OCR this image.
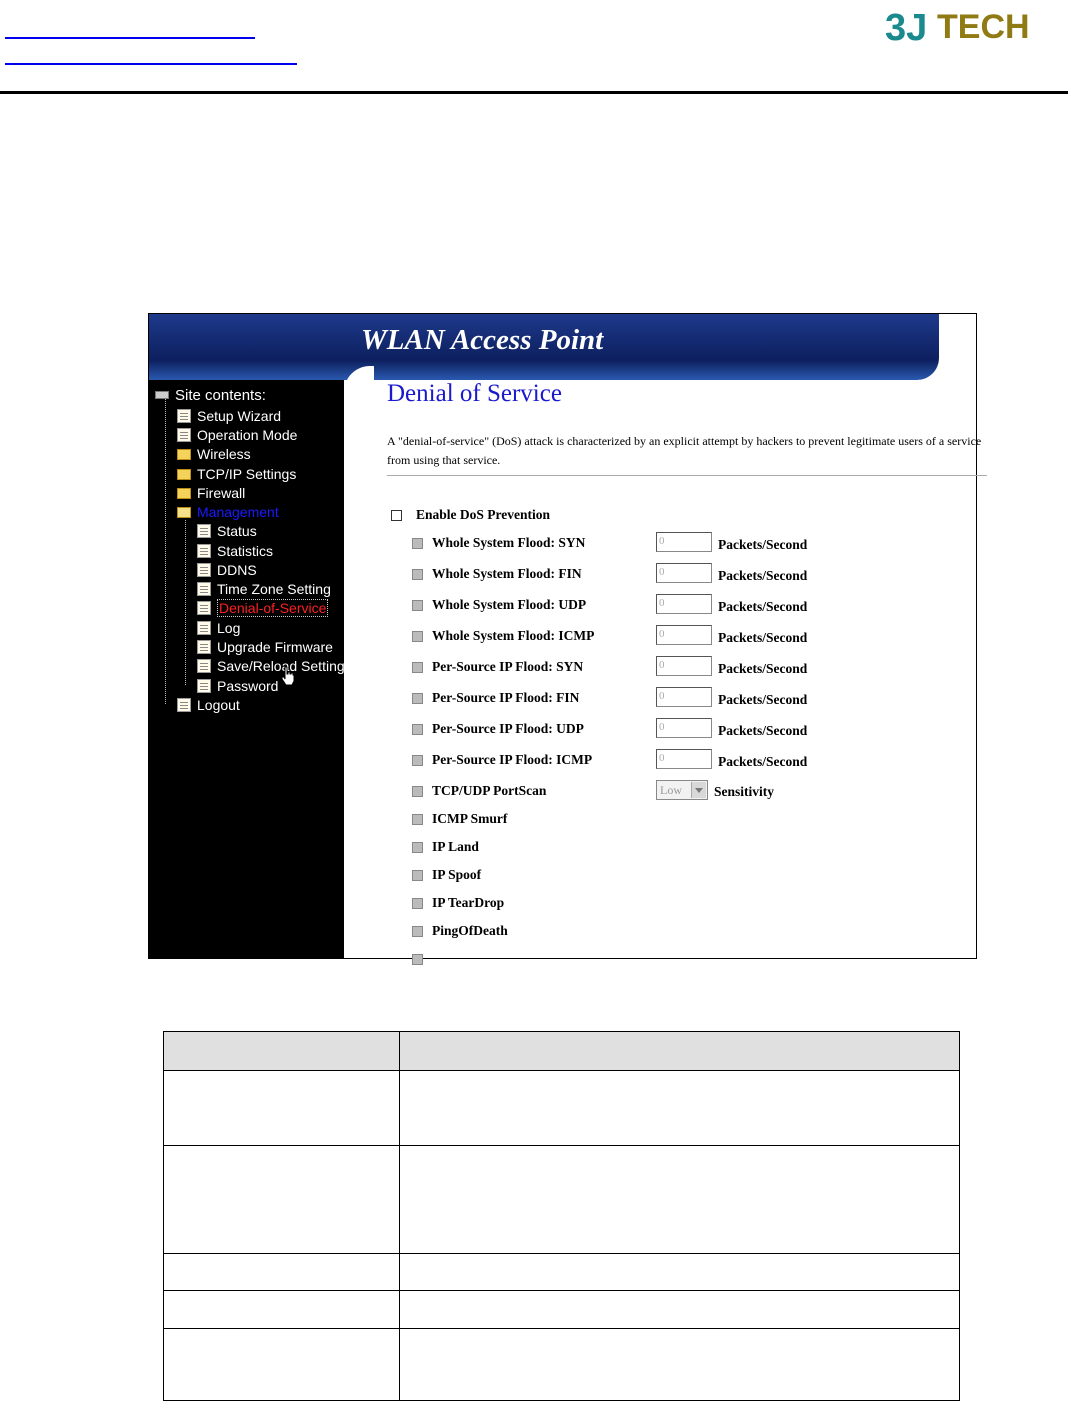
3J TECH
WLAN Access Point
Site contents:
Setup Wizard
Operation Mode
Wireless
TCP/IP Settings
Firewall
Management
Status
Statistics
DDNS
Time Zone Setting
Denial-of-Service
Log
Upgrade Firmware
Save/Reload Setting
Password
Logout
Denial of Service
A "denial-of-service" (DoS) attack is characterized by an explicit attempt by hackers to prevent legitimate users of a service from using that service.
Enable DoS Prevention
Whole System Flood: SYN	0	Packets/Second
Whole System Flood: FIN	0	Packets/Second
Whole System Flood: UDP	0	Packets/Second
Whole System Flood: ICMP	0	Packets/Second
Per-Source IP Flood: SYN	0	Packets/Second
Per-Source IP Flood: FIN	0	Packets/Second
Per-Source IP Flood: UDP	0	Packets/Second
Per-Source IP Flood: ICMP	0	Packets/Second
TCP/UDP PortScan	Low	Sensitivity
ICMP Smurf
IP Land
IP Spoof
IP TearDrop
PingOfDeath
